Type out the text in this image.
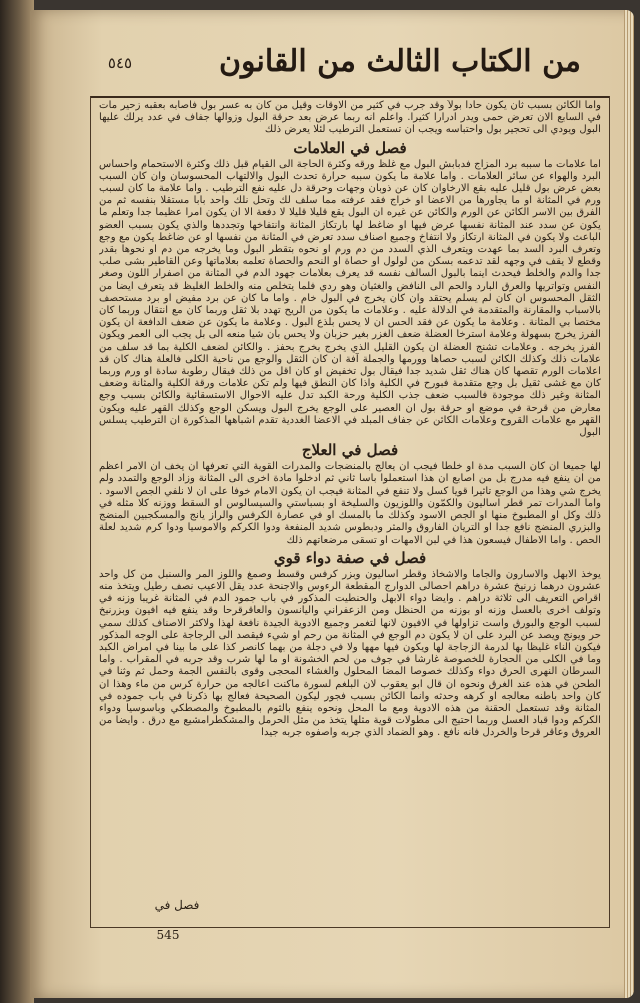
٥٤٥	من الكتاب الثالث من القانون

واما الكائن بسبب ثان يكون حادا بولاً وقد جرب في كثير من الاوقات وقيل من كان به عسر بول فاصابه بعقبه زحير مات في السابع الان تعرض حمى ويدر ادرارا كثيرا. واعلم انه ربما عرض بعد حرقة البول وزوالها جفاف في عدد يرلك عليها البول ويودي الى تحجير بول واحتباسه ويجب ان تستعمل الترطيب لئلا يعرض ذلك

فصل في العلامات

اما علامات ما سببه برد المزاج فدبابش البول مع غلظ ورقه وكثرة الحاجة الى القيام قبل ذلك وكثرة الاستحمام واحساس البرد والهواء عن سائر العلامات . واما علامة ما يكون سببه حرارة تحدث البول والالتهاب المحسوسان وان كان السبب بعض عرض بول قليل عليه بقع الارخاوان كان عن ذوبان وجهات وحرقة دل عليه نفع الترطيب . واما علامة ما كان لسبب ورم في المثانة او ما يجاورها من الاعضا او خراج فقد عرفته مما سلف لك وتحل نلك واحد بابا مستقلا بنفسه ثم من الفرق بين الاسر الكائن عن الورم والكائن عن غيره ان البول يقع قليلا قليلا لا دفعة الا ان يكون امرا عظيما جدا وتعلم ما يكون عن سدد عند المثانة نفسها عرض فيها او ضاغط لها بارتكاز المثانة وانتفاخها وتجددها والذي يكون بسبب العضو الباعث ولا يكون في المثانة ارتكاز ولا انتفاخ وجميع اصناف سدد تعرض في المثانة من نفسها او عن ضاغط يكون مع وجع وتعرف البرد السد بما عهدت ويتعرف الذي السدد من دم ورم او نحوه بتقطر البول وما يخرجه من دم او نحوها بقدر وقطع لا يقف في وجهه لقد تدعمه بسكن من لولول او حصاة او النحم والحصاة تعلمه بعلاماتها وعن القاطير بشى صلب جدا والدم والخلط فيحدث اينما بالبول السالف نفسه قد يعرف بعلامات جهود الدم في المثانة من اصفرار اللون وصغر النفس وتواتريها والعرق البارد والحم الى النافض والغثيان وهو ردي فلما يتخلص منه والخلط الغليظ قد يتعرف ايضا من الثقل المحسوس ان كان لم يسلم يحتقد وان كان يخرج في البول خام . واما ما كان عن برد مفيض او برد مستحصف بالاسباب والمقارنة والمتقدمة في الدلالة عليه . وعلامات ما يكون من الريح تهدد بلا ثقل وربما كان مع انتقال وربما كان مختصا بي المثانة . وعلامة ما يكون عن فقد الحس ان لا يحس بلذع البول . وعلامة ما يكون عن ضعف الدافعة ان يكون الفرز يخرج بسهولة وعلامة استرخا العضلة ضعف الغزر بغير حزبان ولا يحس بان شيا منعه الى بل يجب الى العمر ويكون الفرز يخرجه . وعلامات تشنج العضلة ان يكون القليل الذي يخرج بخرج بحفز . والكائن لضعف الكلية بما قد سلف من علامات ذلك وكذلك الكائن لسبب حصاها وورمها والجملة آفة ان كان الثقل والوجع من ناحية الكلى فالعلة هناك كان قد اعلامات الورم تقصها كان هناك ثقل شديد جدا فيقال بول تخفيض او كان اقل من ذلك فيقال رطوبة سادة او ورم وربما كان مع غشى ثقيل بل وجع متقدمة فبورح في الكلية واذا كان النطق فيها ولم تكن علامات ورقة الكلية والمثانة وضعف المثانة وغير ذلك موجودة فالسبب ضعف جذب الكلية ورحة الكبد تدل عليه الاحوال الاستسقائية والكائن بسبب وجع معارض من قرحة في موضع او حرقة بول ان العصير على الوجع يخرج البول ويسكن الوجع وكذلك القهر عليه ويكون القهر مع علامات القروح وعلامات الكائن عن جفاف المبلد في الاعضا الغددية تقدم اشباهها المذكورة ان الترطيب يسلس البول

فصل في العلاج

لها جميعا ان كان السبب مدة او خلطا فيجب ان يعالج بالمنضجات والمدرات القوية التي تعرفها ان يخف ان الامر اعظم من ان ينفع فيه مدرج بل من اصابع ان هذا استعملوا باسا ثاني ثم ادخلوا مادة اخرى الى المثانة وزاد الوجع والتمدد ولم يخرج شي وهذا من الوجع تاثيرا قويا كسل ولا تنفع في المثانة فيجب ان يكون الامام خوفا على ان لا نلفي الجص الاسود . واما المدرات تمر قطر اساليون والكمّون واللوزيون والسليخة او بسباستي والسيسالوس او السقط ووزنه كلا مثله في ذلك وكل او المطبوخ منها او الجص الاسود وكذلك ما بالمسك او في عصارة الكرفس والراز يانج والمسكجبين المنضج والبزري المنضج نافع جدا او التريان الفاروق والمثر ودبطوس شديد المنفعة ودوا الكركم والاموسيا ودوا كرم شديد لعلة الحص . واما الاطفال فيسعون هذا في لبن الامهات او تسقى مرضعاتهم ذلك

فصل في صفة دواء قوي

يوخذ الابهل والاسارون والجاما والاشخاذ وقطر اساليون وبزر كرفس وقسط وصمغ واللوز المر والسنبل من كل واحد عشرون درهما زرنيخ عشرة دراهم احصالى الدوارج المقطعة الرءوس والاجنحة عدد يقل الاعيب نصف رطيل ويتخذ منه اقراص التعريف الى ثلاثة دراهم . وايضا دواء الابهل والحنطيت المذكور في باب جمود الدم في المثانة غريبا وزنه في وتولف اخرى بالعسل وزنه او بوزنه من الحنظل ومن الزعفراني واليانسون والعاقرقرحا وقد ينفع فيه افيون وبزرنيخ لسبب الوجع والبورق واست تزاولها في الافيون لانها لتغمر وجميع الادوية الجيدة نافعة لهذا ولاكثر الاصناف كذلك سمي حر ويونج ويصد عن البرد على ان لا يكون دم الوجع في المثانة من رحم او شيء فيقصد الى الرجاجة على الوجه المذكور فيكون الناء غليظا بها لدرمة الزجاجة لها ويكون فيها مهها ولا في دجلة من بهما كانصر كذا على ما بينا في امراض الكبد وما في الكلى من الحجارة للخصوصة غارشا في جوف من لحم الخشونة او ما لها شرب وقد جربه في المقراب . واما السرطان النهرى الحرق دواء وكذلك خصوصا المضا المحلول والغشاء المحجى وقوى بالنفس الجمة وحمل ثم وثنا في الطحن في هذه عند الغرق ونحوه ان قال ابو يعقوب لان البلغم لسورة ماكنت اعالجه من حرارة كرس من ماء وهذا ان كان واحد باطنه معالجه او كرهه وحدثه وانما الكائن بسبب فجور ليكون الصحيحة فعالج بها ذكرنا في باب جموده في المثانة وقد تستعمل الحقنة من هذه الادوية ومع ما المحل ونحوه ينفع بالثوم بالمطبوخ والمصطكي وباسوسيا ودواء الكركم ودوا قباد العسل وربما احتيج الى مطولات قوية مثلها يتخذ من مثل الحرمل والمشكطرامشيع مع درق . وايضا من العروق وعاقر قرحا والخردل فانه نافع . وهو الضماد الذي جربه واصفوه جربه جيدا

فصل في
545
